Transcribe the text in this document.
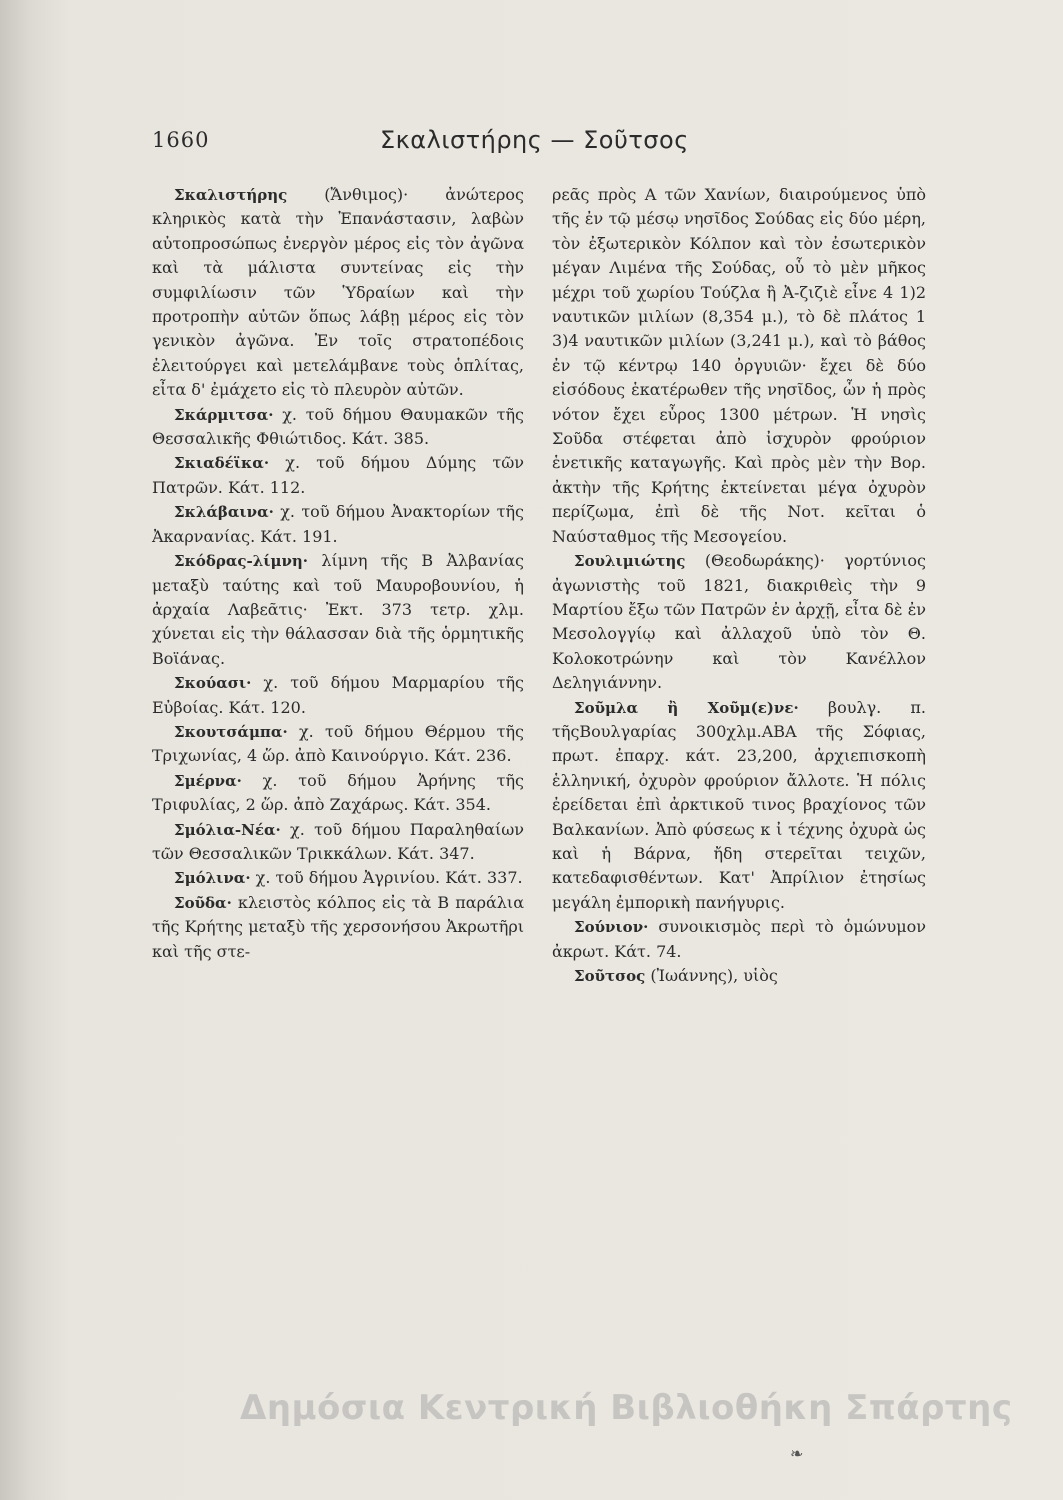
1660	Σκαλιστήρης — Σοῦτσος

Σκαλιστήρης (Ἄνθιμος)· ἀνώτερος κληρικὸς κατὰ τὴν Ἐπανάστασιν, λαβὼν αὐτοπροσώπως ἐνεργὸν μέρος εἰς τὸν ἀγῶνα καὶ τὰ μάλιστα συντείνας εἰς τὴν συμφιλίωσιν τῶν Ὑδραίων καὶ τὴν προτροπὴν αὐτῶν ὅπως λάβῃ μέρος εἰς τὸν γενικὸν ἀγῶνα. Ἐν τοῖς στρατοπέδοις ἐλειτούργει καὶ μετελάμβανε τοὺς ὁπλίτας, εἶτα δ' ἐμάχετο εἰς τὸ πλευρὸν αὐτῶν.

Σκάρμιτσα· χ. τοῦ δήμου Θαυμακῶν τῆς Θεσσαλικῆς Φθιώτιδος. Κάτ. 385.

Σκιαδέϊκα· χ. τοῦ δήμου Δύμης τῶν Πατρῶν. Κάτ. 112.

Σκλάβαινα· χ. τοῦ δήμου Ἀνακτορίων τῆς Ἀκαρνανίας. Κάτ. 191.

Σκόδρας-λίμνη· λίμνη τῆς Β Ἀλβανίας μεταξὺ ταύτης καὶ τοῦ Μαυροβουνίου, ἡ ἀρχαία Λαβεᾶτις· Ἐκτ. 373 τετρ. χλμ. χύνεται εἰς τὴν θάλασσαν διὰ τῆς ὁρμητικῆς Βοϊάνας.

Σκούασι· χ. τοῦ δήμου Μαρμαρίου τῆς Εὐβοίας. Κάτ. 120.

Σκουτσάμπα· χ. τοῦ δήμου Θέρμου τῆς Τριχωνίας, 4 ὥρ. ἀπὸ Καινούργιο. Κάτ. 236.

Σμέρνα· χ. τοῦ δήμου Ἀρήνης τῆς Τριφυλίας, 2 ὥρ. ἀπὸ Ζαχάρως. Κάτ. 354.

Σμόλια-Νέα· χ. τοῦ δήμου Παραληθαίων τῶν Θεσσαλικῶν Τρικκάλων. Κάτ. 347.

Σμόλινα· χ. τοῦ δήμου Ἀγρινίου. Κάτ. 337.

Σοῦδα· κλειστὸς κόλπος εἰς τὰ Β παράλια τῆς Κρήτης μεταξὺ τῆς χερσονήσου Ἀκρωτῆρι καὶ τῆς στε-

ρεᾶς πρὸς Α τῶν Χανίων, διαιρούμενος ὑπὸ τῆς ἐν τῷ μέσῳ νησῖδος Σούδας εἰς δύο μέρη, τὸν ἐξωτερικὸν Κόλπον καὶ τὸν ἐσωτερικὸν μέγαν Λιμένα τῆς Σούδας, οὗ τὸ μὲν μῆκος μέχρι τοῦ χωρίου Τούζλα ἢ Ἀ-ζιζιὲ εἶνε 4 1)2 ναυτικῶν μιλίων (8,354 μ.), τὸ δὲ πλάτος 1 3)4 ναυτικῶν μιλίων (3,241 μ.), καὶ τὸ βάθος ἐν τῷ κέντρῳ 140 ὀργυιῶν· ἔχει δὲ δύο εἰσόδους ἑκατέρωθεν τῆς νησῖδος, ὧν ἡ πρὸς νότον ἔχει εὖρος 1300 μέτρων. Ἡ νησὶς Σοῦδα στέφεται ἀπὸ ἰσχυρὸν φρούριον ἑνετικῆς καταγωγῆς. Καὶ πρὸς μὲν τὴν Βορ. ἀκτὴν τῆς Κρήτης ἐκτείνεται μέγα ὀχυρὸν περίζωμα, ἐπὶ δὲ τῆς Νοτ. κεῖται ὁ Ναύσταθμος τῆς Μεσογείου.

Σουλιμιώτης (Θεοδωράκης)· γορτύνιος ἀγωνιστὴς τοῦ 1821, διακριθεὶς τὴν 9 Μαρτίου ἔξω τῶν Πατρῶν ἐν ἀρχῇ, εἶτα δὲ ἐν Μεσολογγίῳ καὶ ἀλλαχοῦ ὑπὸ τὸν Θ. Κολοκοτρώνην καὶ τὸν Κανέλλον Δεληγιάννην.

Σοῦμλα ἢ Χοῦμ(ε)νε· βουλγ. π. τῆςΒουλγαρίας 300χλμ.ΑΒΑ τῆς Σόφιας, πρωτ. ἐπαρχ. κάτ. 23,200, ἀρχιεπισκοπὴ ἑλληνική, ὀχυρὸν φρούριον ἄλλοτε. Ἡ πόλις ἐρείδεται ἐπὶ ἀρκτικοῦ τινος βραχίονος τῶν Βαλκανίων. Ἀπὸ φύσεως κ ἰ τέχνης ὀχυρὰ ὡς καὶ ἡ Βάρνα, ἤδη στερεῖται τειχῶν, κατεδαφισθέντων. Κατ' Ἀπρίλιον ἐτησίως μεγάλη ἐμπορικὴ πανήγυρις.

Σούνιον· συνοικισμὸς περὶ τὸ ὁμώνυμον ἀκρωτ. Κάτ. 74.

Σοῦτσος (Ἰωάννης), υἱὸς

Δημόσια Κεντρική Βιβλιοθήκη Σπάρτης
❧
